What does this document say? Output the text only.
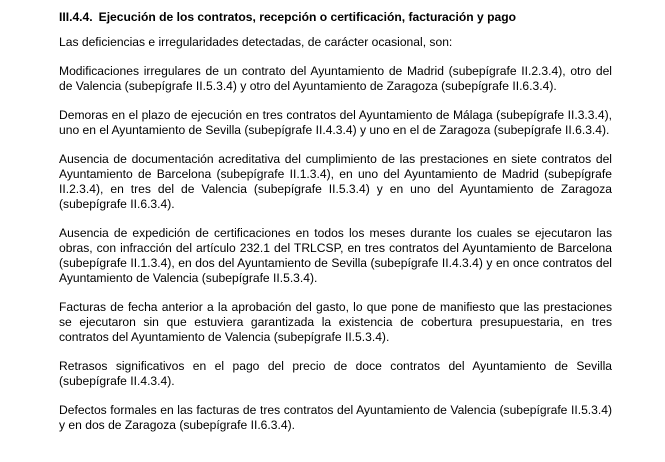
III.4.4. Ejecución de los contratos, recepción o certificación, facturación y pago

Las deficiencias e irregularidades detectadas, de carácter ocasional, son:

Modificaciones irregulares de un contrato del Ayuntamiento de Madrid (subepígrafe II.2.3.4), otro del de Valencia (subepígrafe II.5.3.4) y otro del Ayuntamiento de Zaragoza (subepígrafe II.6.3.4).

Demoras en el plazo de ejecución en tres contratos del Ayuntamiento de Málaga (subepígrafe II.3.3.4), uno en el Ayuntamiento de Sevilla (subepígrafe II.4.3.4) y uno en el de Zaragoza (subepígrafe II.6.3.4).

Ausencia de documentación acreditativa del cumplimiento de las prestaciones en siete contratos del Ayuntamiento de Barcelona (subepígrafe II.1.3.4), en uno del Ayuntamiento de Madrid (subepígrafe II.2.3.4), en tres del de Valencia (subepígrafe II.5.3.4) y en uno del Ayuntamiento de Zaragoza (subepígrafe II.6.3.4).

Ausencia de expedición de certificaciones en todos los meses durante los cuales se ejecutaron las obras, con infracción del artículo 232.1 del TRLCSP, en tres contratos del Ayuntamiento de Barcelona (subepígrafe II.1.3.4), en dos del Ayuntamiento de Sevilla (subepígrafe II.4.3.4) y en once contratos del Ayuntamiento de Valencia (subepígrafe II.5.3.4).

Facturas de fecha anterior a la aprobación del gasto, lo que pone de manifiesto que las prestaciones se ejecutaron sin que estuviera garantizada la existencia de cobertura presupuestaria, en tres contratos del Ayuntamiento de Valencia (subepígrafe II.5.3.4).

Retrasos significativos en el pago del precio de doce contratos del Ayuntamiento de Sevilla (subepígrafe II.4.3.4).

Defectos formales en las facturas de tres contratos del Ayuntamiento de Valencia (subepígrafe II.5.3.4) y en dos de Zaragoza (subepígrafe II.6.3.4).
